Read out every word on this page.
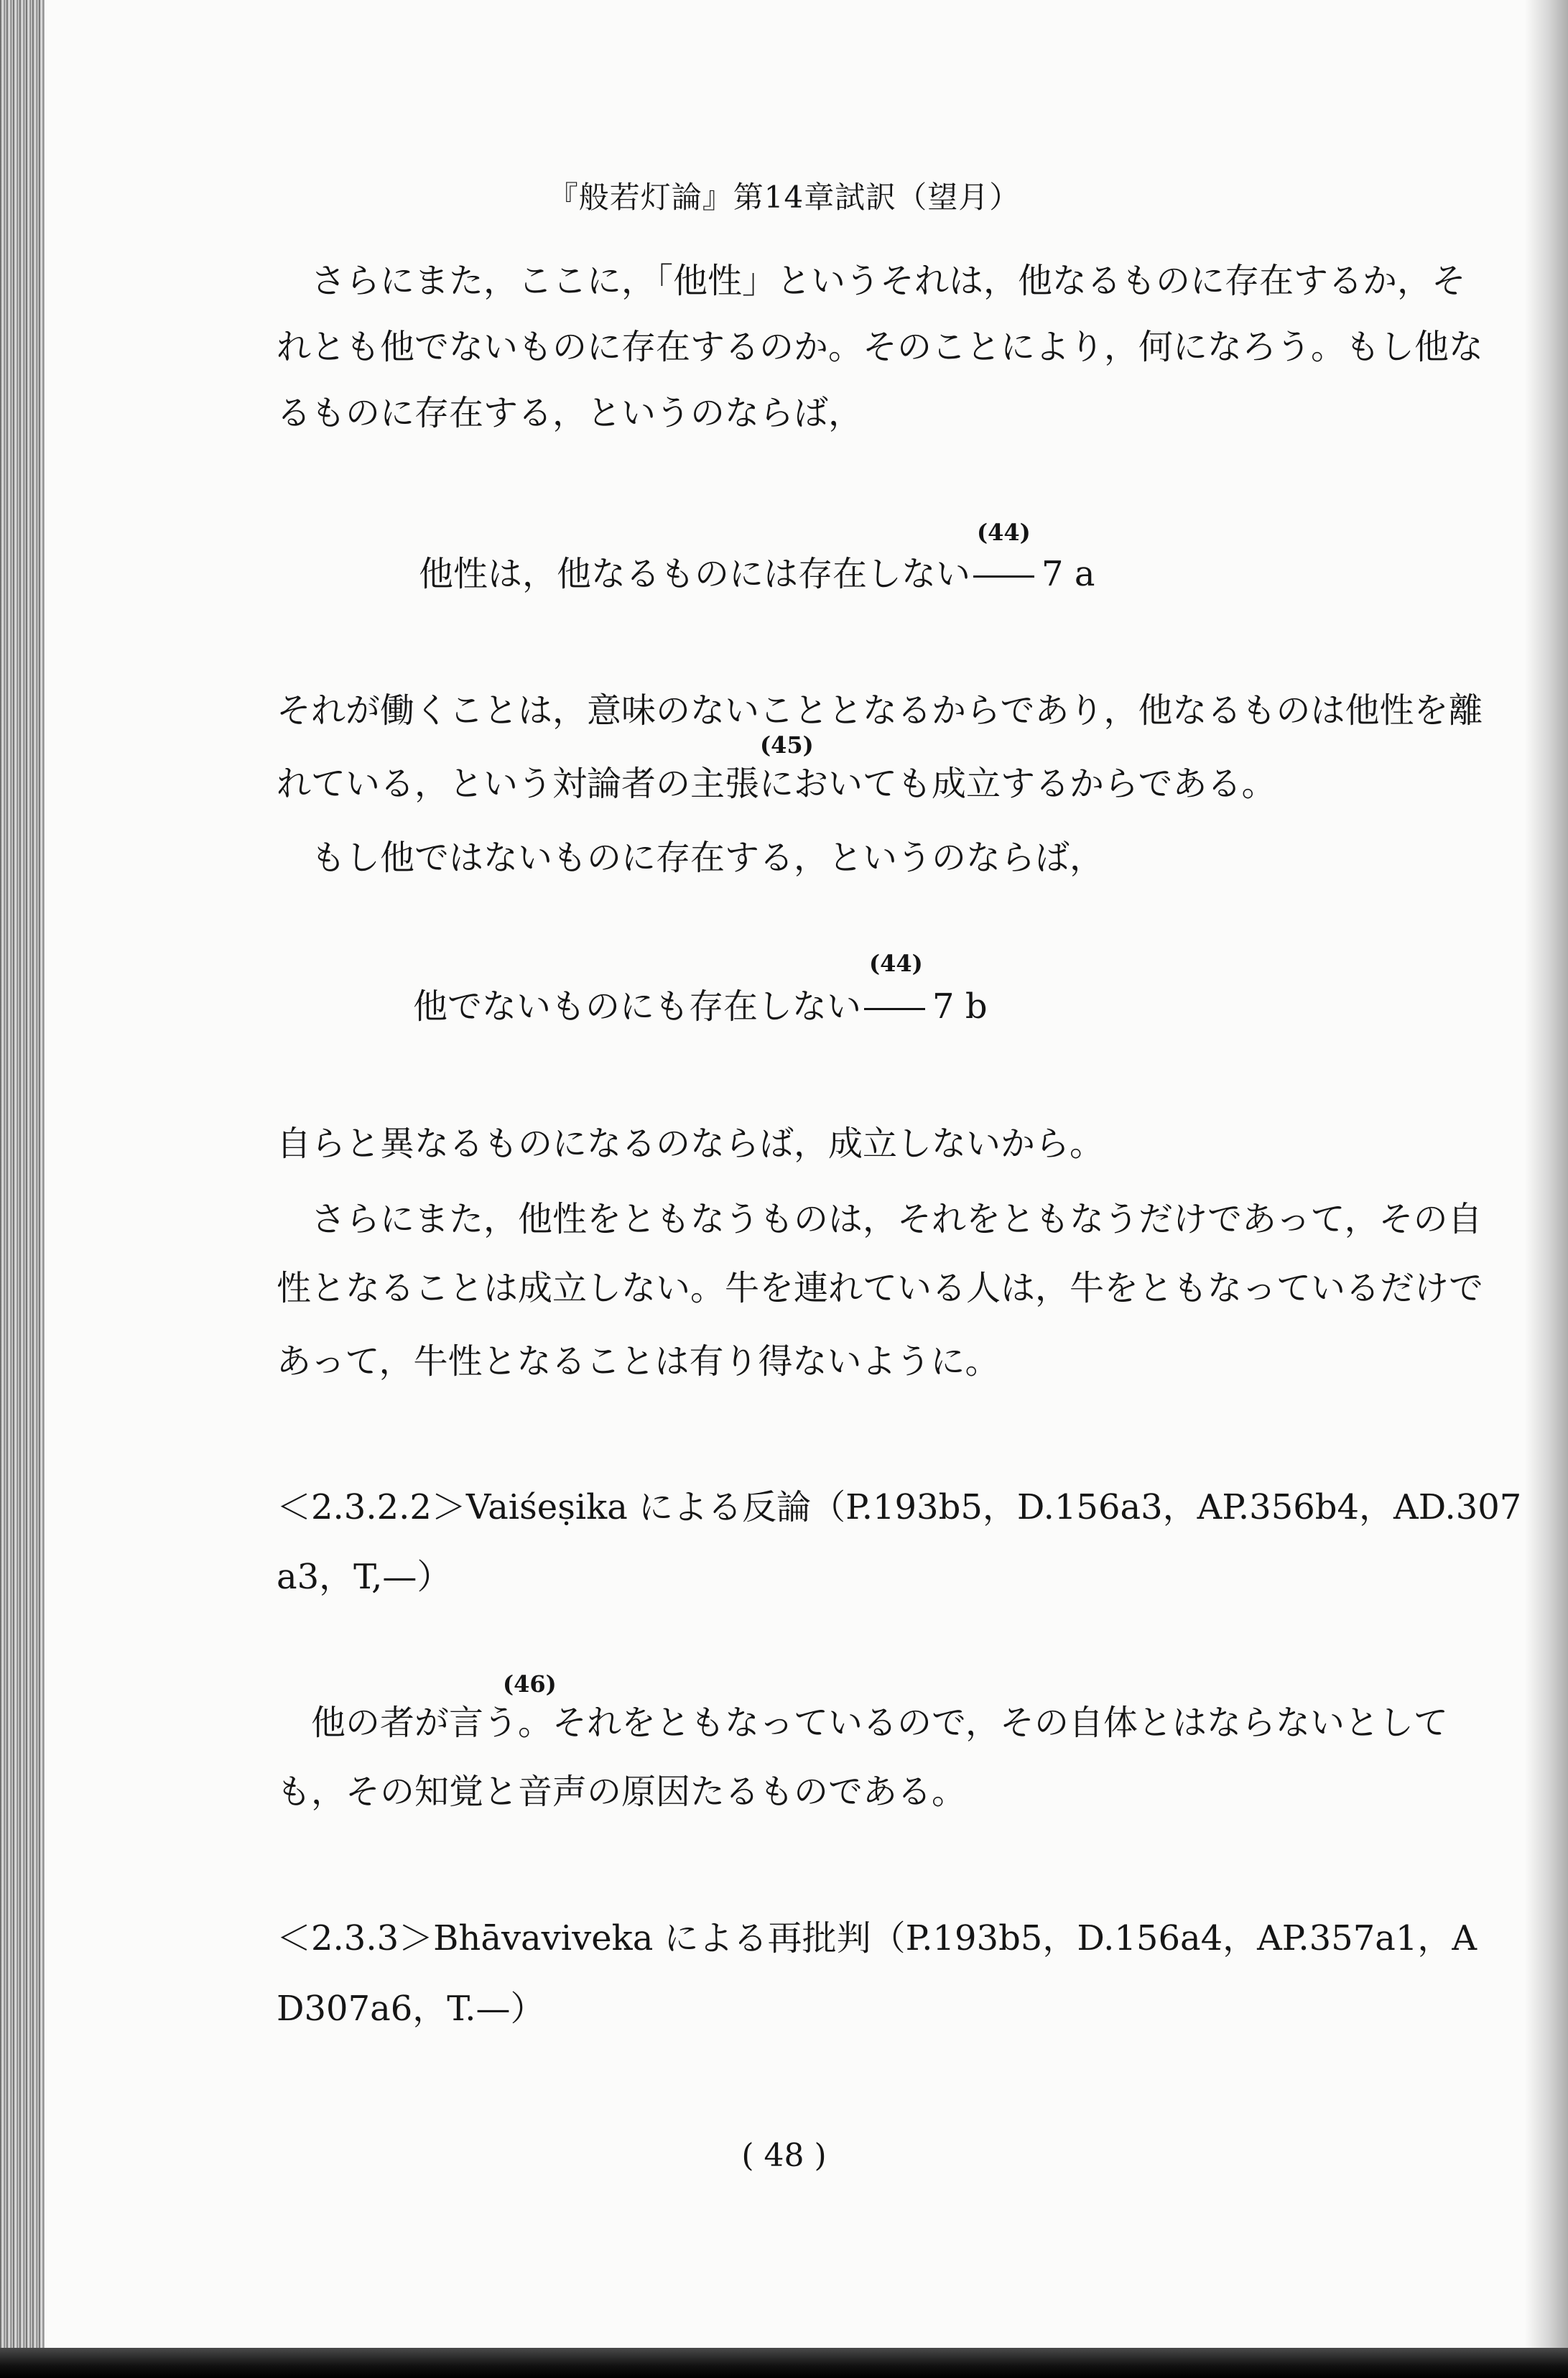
『般若灯論』第14章試訳（望月）
さらにまた，ここに，「他性」というそれは，他なるものに存在するか，そ
れとも他でないものに存在するのか。そのことにより，何になろう。もし他な
るものに存在する，というのならば，
(44)
他性は，他なるものには存在しない 7 a
それが働くことは，意味のないこととなるからであり，他なるものは他性を離
(45)
れている，という対論者の主張においても成立するからである。
もし他ではないものに存在する，というのならば，
(44)
他でないものにも存在しない 7 b
自らと異なるものになるのならば，成立しないから。
さらにまた，他性をともなうものは，それをともなうだけであって，その自
性となることは成立しない。牛を連れている人は，牛をともなっているだけで
あって，牛性となることは有り得ないように。
＜2.3.2.2＞Vaiśeṣika による反論（P.193b5，D.156a3，AP.356b4，AD.307
a3，T,—）
(46)
他の者が言う。それをともなっているので，その自体とはならないとして
も，その知覚と音声の原因たるものである。
＜2.3.3＞Bhāvaviveka による再批判（P.193b5，D.156a4，AP.357a1，A
D307a6，T.—）
( 48 )
